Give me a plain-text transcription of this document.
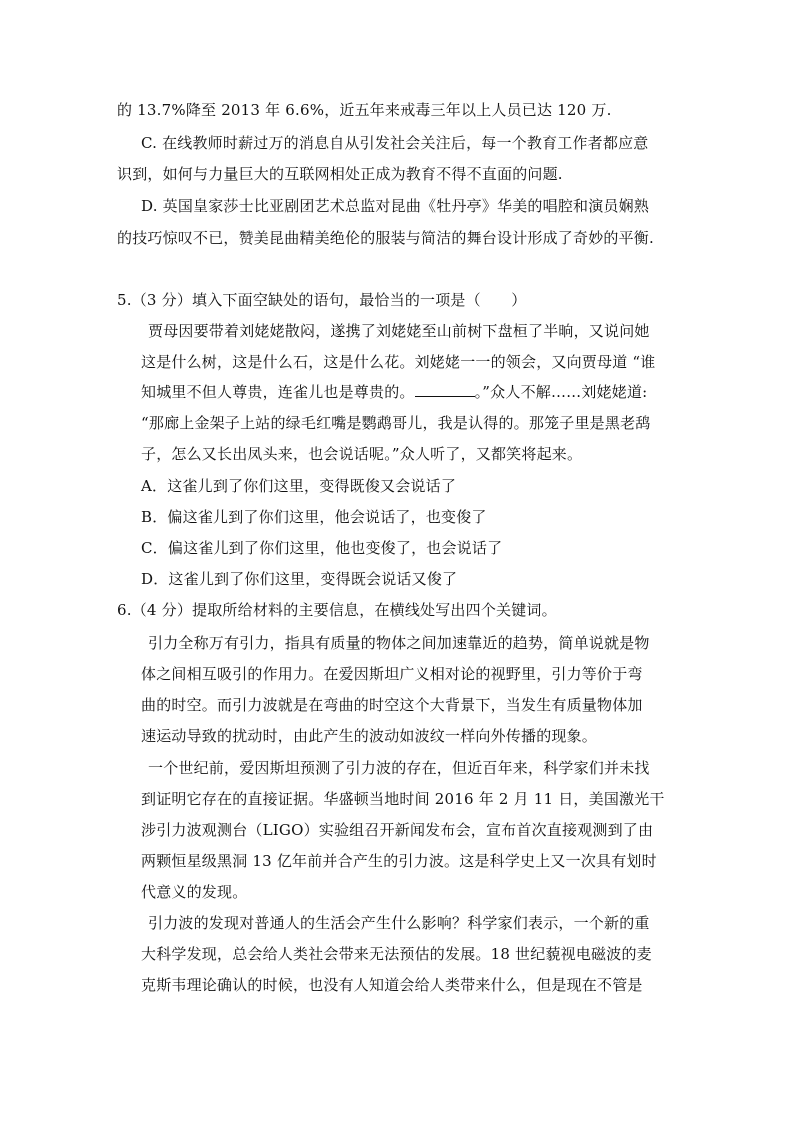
的 13.7%降至 2013 年 6.6%，近五年来戒毒三年以上人员已达 120 万.
C. 在线教师时薪过万的消息自从引发社会关注后，每一个教育工作者都应意
识到，如何与力量巨大的互联网相处正成为教育不得不直面的问题.
D. 英国皇家莎士比亚剧团艺术总监对昆曲《牡丹亭》华美的唱腔和演员娴熟
的技巧惊叹不已，赞美昆曲精美绝伦的服装与简洁的舞台设计形成了奇妙的平衡.
5.（3 分）填入下面空缺处的语句，最恰当的一项是（　　）
贾母因要带着刘姥姥散闷，遂携了刘姥姥至山前树下盘桓了半晌，又说问她
这是什么树，这是什么石，这是什么花。刘姥姥一一的领会，又向贾母道 “谁
知城里不但人尊贵，连雀儿也是尊贵的。	。”众人不解……刘姥姥道:
“那廊上金架子上站的绿毛红嘴是鹦鹉哥儿，我是认得的。那笼子里是黑老鸹
子，怎么又长出凤头来，也会说话呢。”众人听了，又都笑将起来。
A．这雀儿到了你们这里，变得既俊又会说话了
B．偏这雀儿到了你们这里，他会说话了，也变俊了
C．偏这雀儿到了你们这里，他也变俊了，也会说话了
D．这雀儿到了你们这里，变得既会说话又俊了
6.（4 分）提取所给材料的主要信息，在横线处写出四个关键词。
引力全称万有引力，指具有质量的物体之间加速靠近的趋势，简单说就是物
体之间相互吸引的作用力。在爱因斯坦广义相对论的视野里，引力等价于弯
曲的时空。而引力波就是在弯曲的时空这个大背景下，当发生有质量物体加
速运动导致的扰动时，由此产生的波动如波纹一样向外传播的现象。
一个世纪前，爱因斯坦预测了引力波的存在，但近百年来，科学家们并未找
到证明它存在的直接证据。华盛顿当地时间 2016 年 2 月 11 日，美国激光干
涉引力波观测台（LIGO）实验组召开新闻发布会，宣布首次直接观测到了由
两颗恒星级黑洞 13 亿年前并合产生的引力波。这是科学史上又一次具有划时
代意义的发现。
引力波的发现对普通人的生活会产生什么影响？科学家们表示，一个新的重
大科学发现，总会给人类社会带来无法预估的发展。18 世纪藐视电磁波的麦
克斯韦理论确认的时候，也没有人知道会给人类带来什么，但是现在不管是
